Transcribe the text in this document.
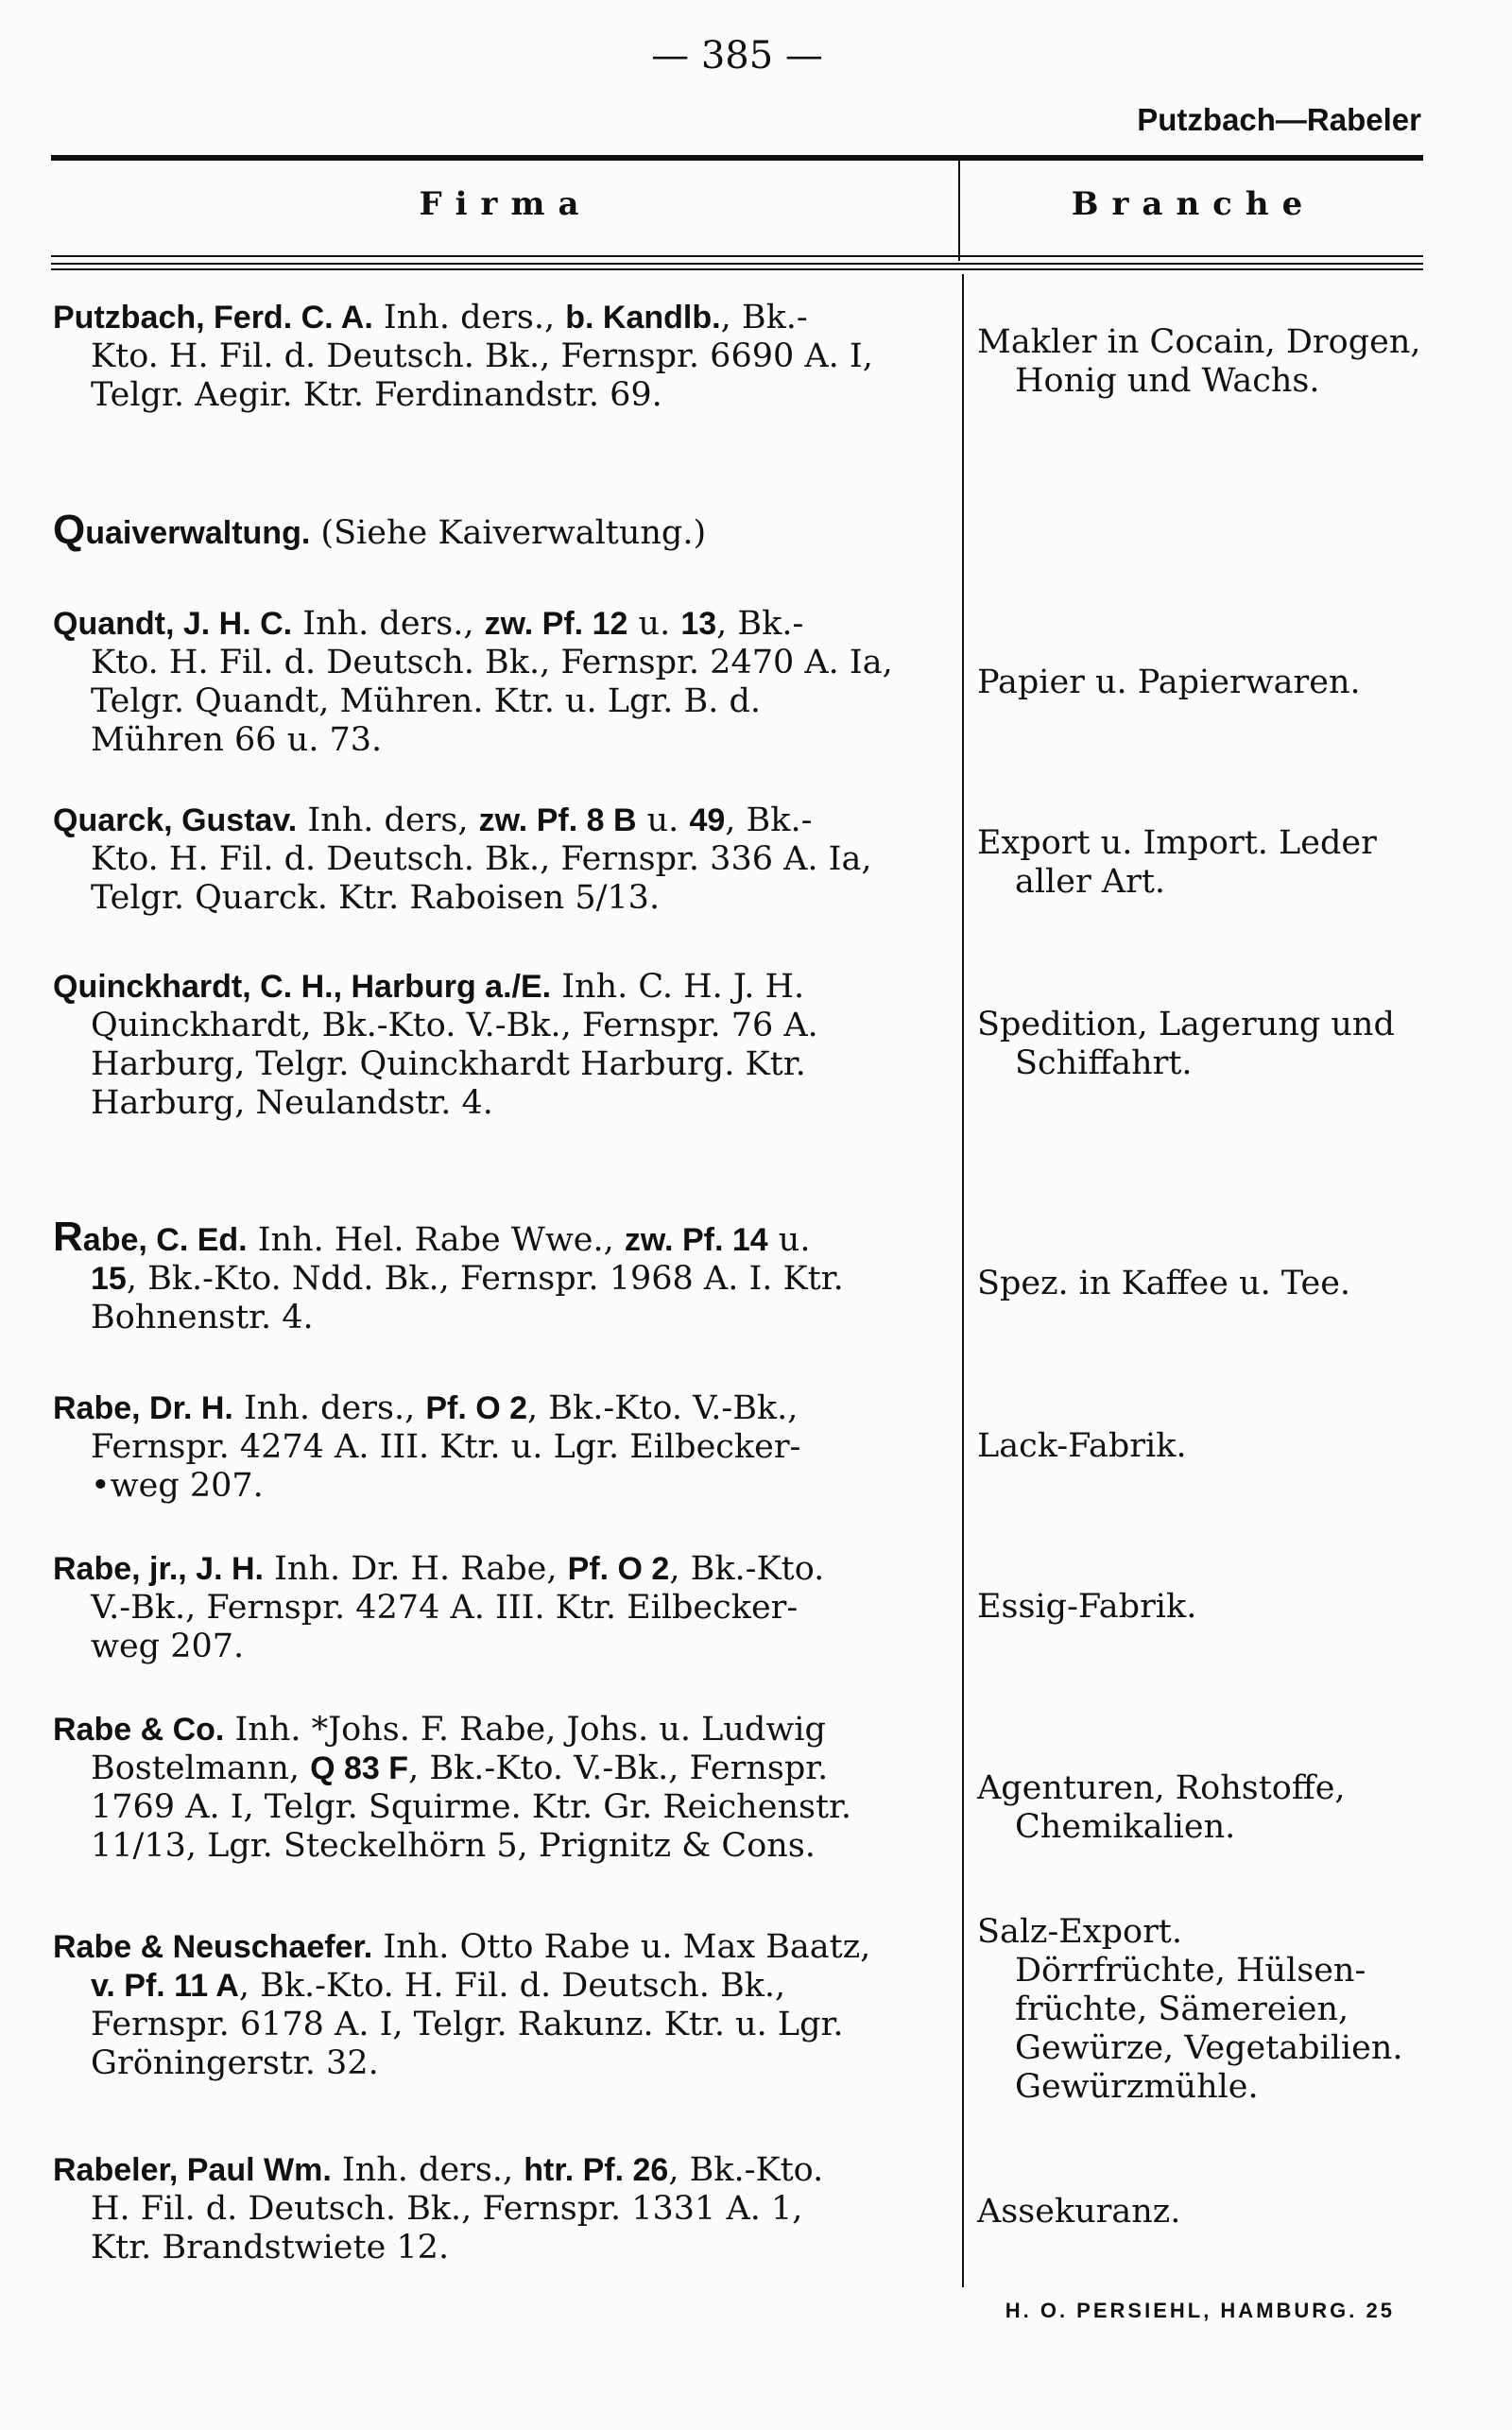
— 385 —
Putzbach—Rabeler
Firma	Branche
Putzbach, Ferd. C. A. Inh. ders., b. Kandlb., Bk.-
Kto. H. Fil. d. Deutsch. Bk., Fernspr. 6690 A. I,
Telgr. Aegir. Ktr. Ferdinandstr. 69.
Makler in Cocain, Drogen,
Honig und Wachs.
Quaiverwaltung. (Siehe Kaiverwaltung.)
Quandt, J. H. C. Inh. ders., zw. Pf. 12 u. 13, Bk.-
Kto. H. Fil. d. Deutsch. Bk., Fernspr. 2470 A. Ia,
Telgr. Quandt, Mühren. Ktr. u. Lgr. B. d.
Mühren 66 u. 73.
Papier u. Papierwaren.
Quarck, Gustav. Inh. ders, zw. Pf. 8 B u. 49, Bk.-
Kto. H. Fil. d. Deutsch. Bk., Fernspr. 336 A. Ia,
Telgr. Quarck. Ktr. Raboisen 5/13.
Export u. Import. Leder
aller Art.
Quinckhardt, C. H., Harburg a./E. Inh. C. H. J. H.
Quinckhardt, Bk.-Kto. V.-Bk., Fernspr. 76 A.
Harburg, Telgr. Quinckhardt Harburg. Ktr.
Harburg, Neulandstr. 4.
Spedition, Lagerung und
Schiffahrt.
Rabe, C. Ed. Inh. Hel. Rabe Wwe., zw. Pf. 14 u.
15, Bk.-Kto. Ndd. Bk., Fernspr. 1968 A. I. Ktr.
Bohnenstr. 4.
Spez. in Kaffee u. Tee.
Rabe, Dr. H. Inh. ders., Pf. O 2, Bk.-Kto. V.-Bk.,
Fernspr. 4274 A. III. Ktr. u. Lgr. Eilbecker-
•weg 207.
Lack-Fabrik.
Rabe, jr., J. H. Inh. Dr. H. Rabe, Pf. O 2, Bk.-Kto.
V.-Bk., Fernspr. 4274 A. III. Ktr. Eilbecker-
weg 207.
Essig-Fabrik.
Rabe & Co. Inh. *Johs. F. Rabe, Johs. u. Ludwig
Bostelmann, Q 83 F, Bk.-Kto. V.-Bk., Fernspr.
1769 A. I, Telgr. Squirme. Ktr. Gr. Reichenstr.
11/13, Lgr. Steckelhörn 5, Prignitz & Cons.
Agenturen, Rohstoffe,
Chemikalien.
Rabe & Neuschaefer. Inh. Otto Rabe u. Max Baatz,
v. Pf. 11 A, Bk.-Kto. H. Fil. d. Deutsch. Bk.,
Fernspr. 6178 A. I, Telgr. Rakunz. Ktr. u. Lgr.
Gröningerstr. 32.
Salz-Export.
Dörrfrüchte, Hülsen-
früchte, Sämereien,
Gewürze, Vegetabilien.
Gewürzmühle.
Rabeler, Paul Wm. Inh. ders., htr. Pf. 26, Bk.-Kto.
H. Fil. d. Deutsch. Bk., Fernspr. 1331 A. 1,
Ktr. Brandstwiete 12.
Assekuranz.
H. O. PERSIEHL, HAMBURG. 25
